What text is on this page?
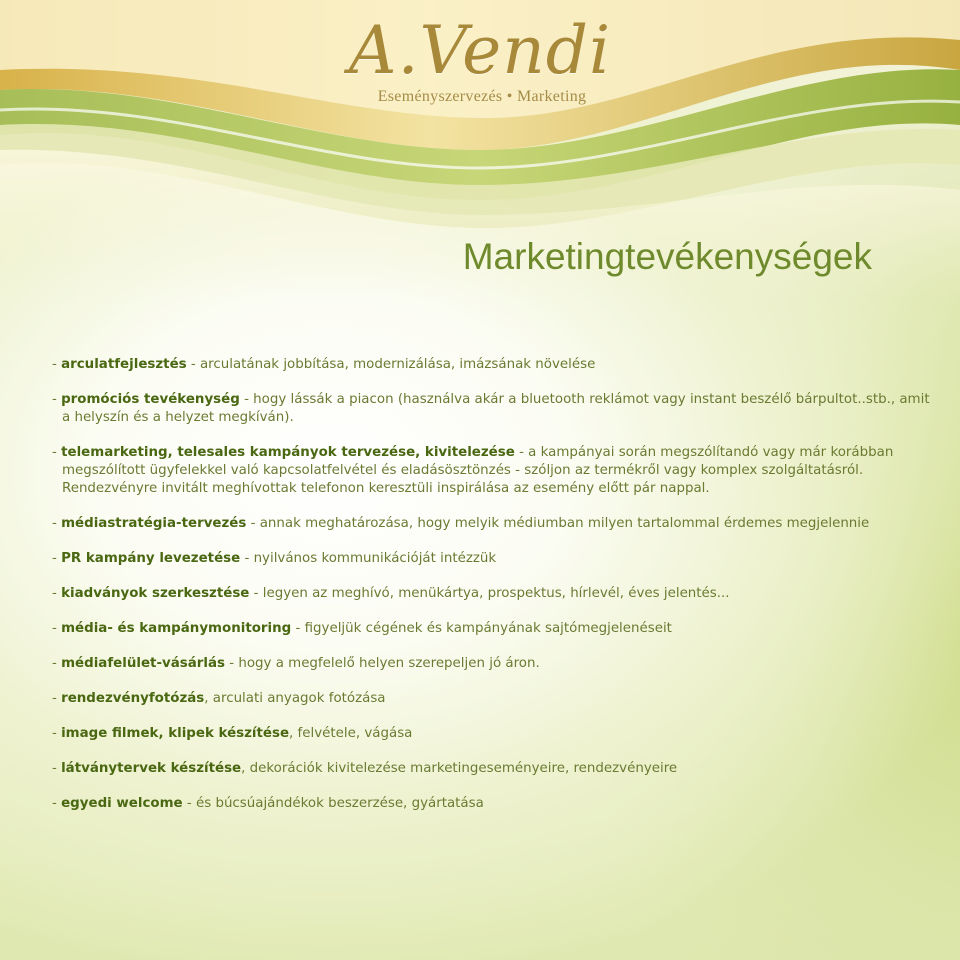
A.Vendi
Eseményszervezés • Marketing
Marketingtevékenységek
- arculatfejlesztés - arculatának jobbítása, modernizálása, imázsának növelése
- promóciós tevékenység - hogy lássák a piacon (használva akár a bluetooth reklámot vagy instant beszélő bárpultot..stb., amit a helyszín és a helyzet megkíván).
- telemarketing, telesales kampányok tervezése, kivitelezése - a kampányai során megszólítandó vagy már korábban megszólított ügyfelekkel való kapcsolatfelvétel és eladásösztönzés - szóljon az termékről vagy komplex szolgáltatásról. Rendezvényre invitált meghívottak telefonon keresztüli inspirálása az esemény előtt pár nappal.
- médiastratégia-tervezés - annak meghatározása, hogy melyik médiumban milyen tartalommal érdemes megjelennie
- PR kampány levezetése - nyilvános kommunikációját intézzük
- kiadványok szerkesztése - legyen az meghívó, menükártya, prospektus, hírlevél, éves jelentés...
- média- és kampánymonitoring - figyeljük cégének és kampányának sajtómegjelenéseit
- médiafelület-vásárlás - hogy a megfelelő helyen szerepeljen jó áron.
- rendezvényfotózás, arculati anyagok fotózása
- image filmek, klipek készítése, felvétele, vágása
- látványtervek készítése, dekorációk kivitelezése marketingeseményeire, rendezvényeire
- egyedi welcome - és búcsúajándékok beszerzése, gyártatása
